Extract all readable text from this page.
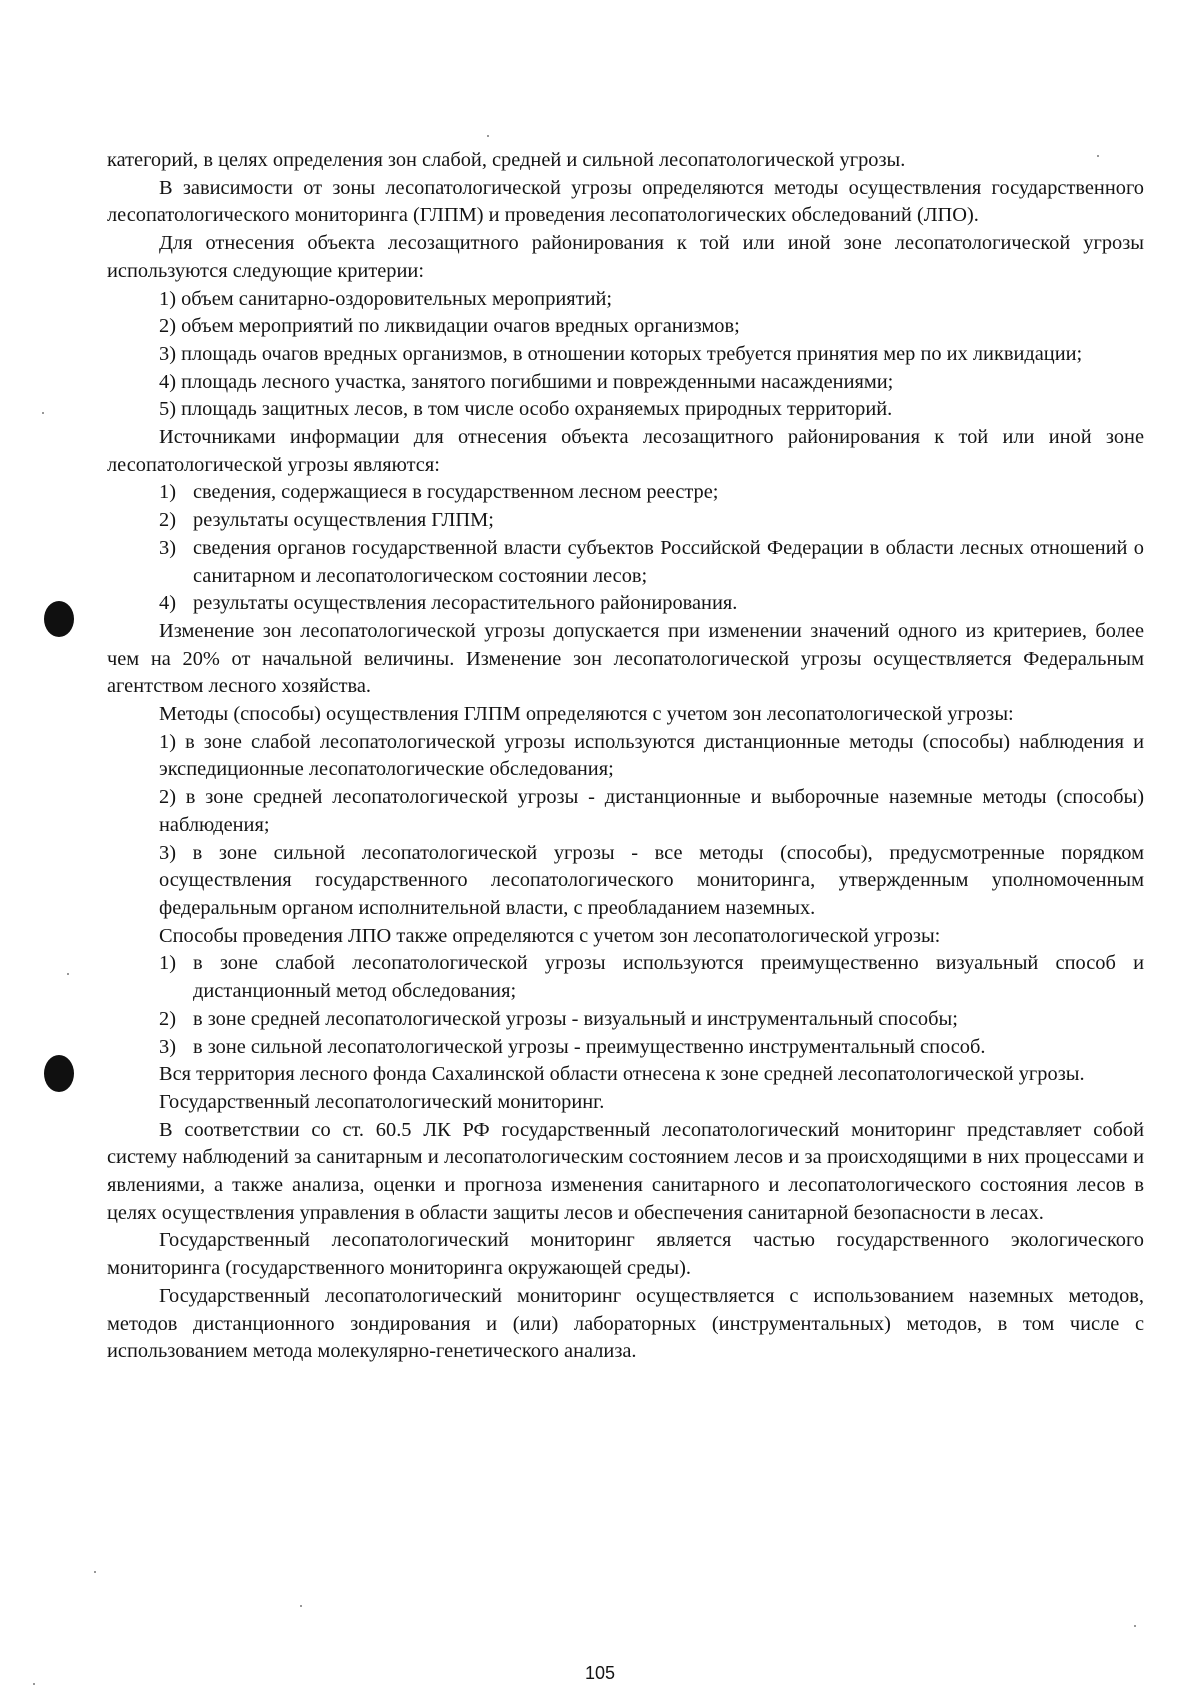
категорий, в целях определения зон слабой, средней и сильной лесопатологической угрозы.

В зависимости от зоны лесопатологической угрозы определяются методы осуществления государственного лесопатологического мониторинга (ГЛПМ) и проведения лесопатологических обследований (ЛПО).

Для отнесения объекта лесозащитного районирования к той или иной зоне лесопатологической угрозы используются следующие критерии:

1) объем санитарно-оздоровительных мероприятий;

2) объем мероприятий по ликвидации очагов вредных организмов;

3) площадь очагов вредных организмов, в отношении которых требуется принятия мер по их ликвидации;

4) площадь лесного участка, занятого погибшими и поврежденными насаждениями;

5) площадь защитных лесов, в том числе особо охраняемых природных территорий.

Источниками информации для отнесения объекта лесозащитного районирования к той или иной зоне лесопатологической угрозы являются:

1) сведения, содержащиеся в государственном лесном реестре;
2) результаты осуществления ГЛПМ;
3) сведения органов государственной власти субъектов Российской Федерации в области лесных отношений о санитарном и лесопатологическом состоянии лесов;
4) результаты осуществления лесорастительного районирования.

Изменение зон лесопатологической угрозы допускается при изменении значений одного из критериев, более чем на 20% от начальной величины. Изменение зон лесопатологической угрозы осуществляется Федеральным агентством лесного хозяйства.

Методы (способы) осуществления ГЛПМ определяются с учетом зон лесопатологической угрозы:

1) в зоне слабой лесопатологической угрозы используются дистанционные методы (способы) наблюдения и экспедиционные лесопатологические обследования;

2) в зоне средней лесопатологической угрозы - дистанционные и выборочные наземные методы (способы) наблюдения;

3) в зоне сильной лесопатологической угрозы - все методы (способы), предусмотренные порядком осуществления государственного лесопатологического мониторинга, утвержденным уполномоченным федеральным органом исполнительной власти, с преобладанием наземных.

Способы проведения ЛПО также определяются с учетом зон лесопатологической угрозы:

1) в зоне слабой лесопатологической угрозы используются преимущественно визуальный способ и дистанционный метод обследования;
2) в зоне средней лесопатологической угрозы - визуальный и инструментальный способы;
3) в зоне сильной лесопатологической угрозы - преимущественно инструментальный способ.

Вся территория лесного фонда Сахалинской области отнесена к зоне средней лесопатологической угрозы.

Государственный лесопатологический мониторинг.

В соответствии со ст. 60.5 ЛК РФ государственный лесопатологический мониторинг представляет собой систему наблюдений за санитарным и лесопатологическим состоянием лесов и за происходящими в них процессами и явлениями, а также анализа, оценки и прогноза изменения санитарного и лесопатологического состояния лесов в целях осуществления управления в области защиты лесов и обеспечения санитарной безопасности в лесах.

Государственный лесопатологический мониторинг является частью государственного экологического мониторинга (государственного мониторинга окружающей среды).

Государственный лесопатологический мониторинг осуществляется с использованием наземных методов, методов дистанционного зондирования и (или) лабораторных (инструментальных) методов, в том числе с использованием метода молекулярно-генетического анализа.

105
